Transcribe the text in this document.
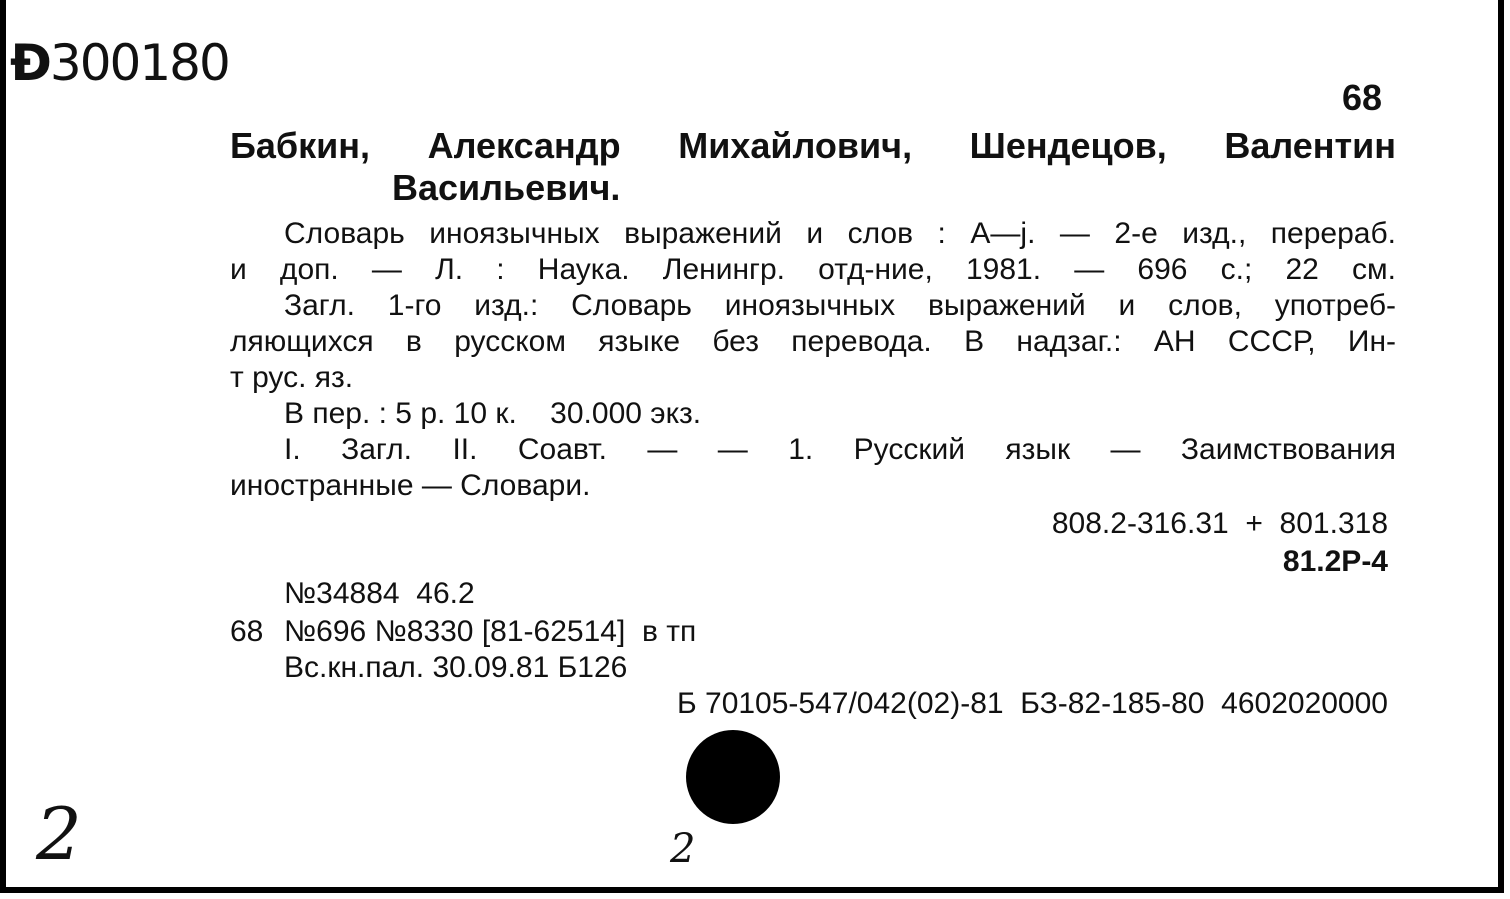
Ð300180
68
Бабкин, Александр Михайлович, Шендецов, Валентин
Васильевич.
Словарь иноязычных выражений и слов : A—j. — 2-е изд., перераб.
и доп. — Л. : Наука. Ленингр. отд-ние, 1981. — 696 с.; 22 см.
Загл. 1-го изд.: Словарь иноязычных выражений и слов, употреб-
ляющихся в русском языке без перевода. В надзаг.: АН СССР, Ин-
т рус. яз.
В пер. : 5 р. 10 к.    30.000 экз.
I. Загл. II. Соавт. — — 1. Русский язык — Заимствования
иностранные — Словари.
808.2-316.31  +  801.318
81.2Р-4
№34884  46.2
68 №696 №8330 [81-62514]  в тп
Вс.кн.пал. 30.09.81 Б126
Б 70105-547/042(02)-81  БЗ-82-185-80  4602020000
2	2
